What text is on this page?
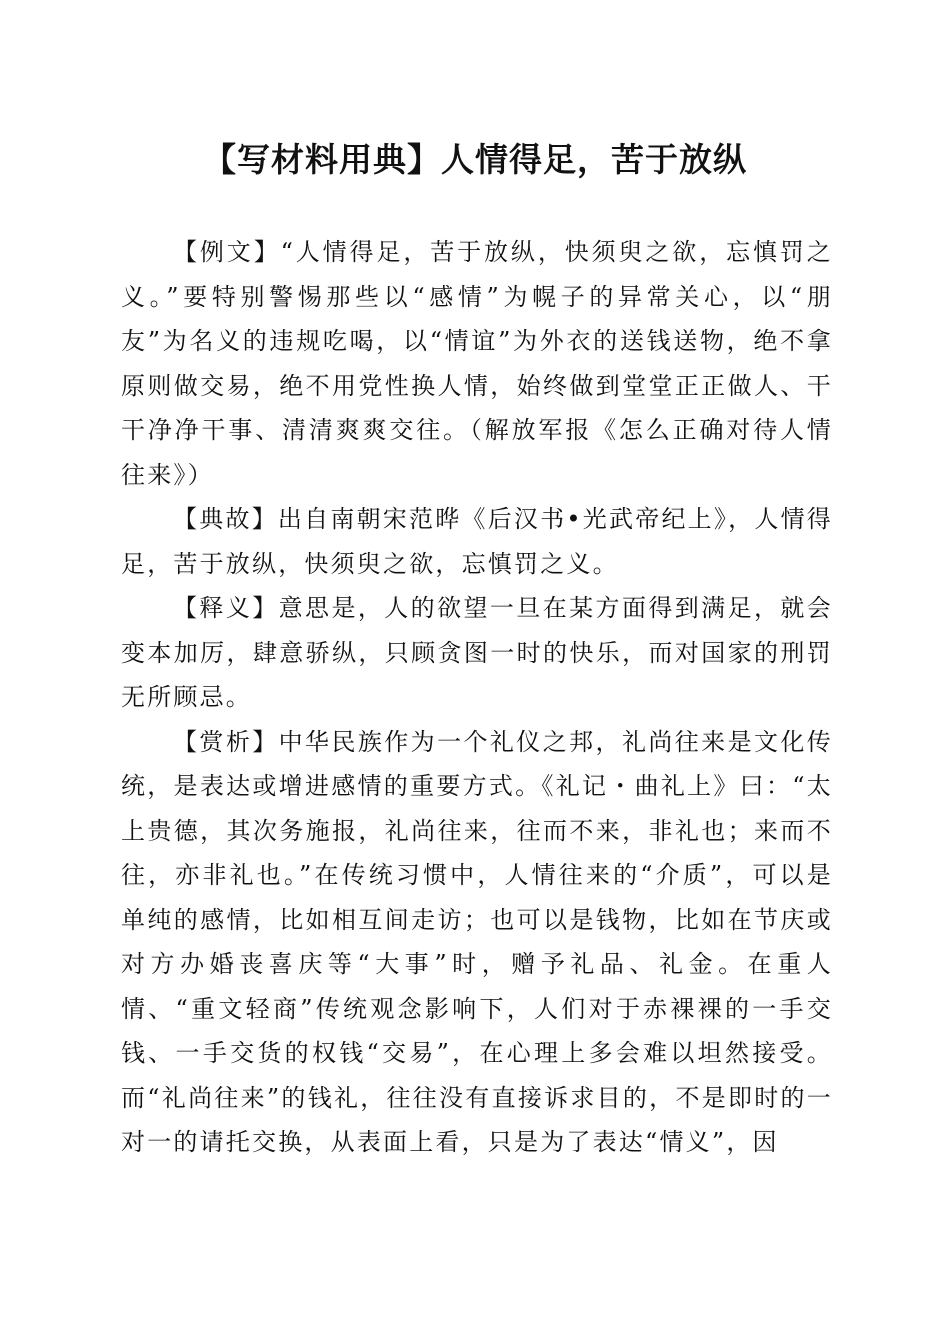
【写材料用典】人情得足，苦于放纵

【例文】“人情得足，苦于放纵，快须臾之欲，忘慎罚之义。”要特别警惕那些以“感情”为幌子的异常关心，以“朋友”为名义的违规吃喝，以“情谊”为外衣的送钱送物，绝不拿原则做交易，绝不用党性换人情，始终做到堂堂正正做人、干干净净干事、清清爽爽交往。（解放军报《怎么正确对待人情往来》）

【典故】出自南朝宋范晔《后汉书•光武帝纪上》，人情得足，苦于放纵，快须臾之欲，忘慎罚之义。

【释义】意思是，人的欲望一旦在某方面得到满足，就会变本加厉，肆意骄纵，只顾贪图一时的快乐，而对国家的刑罚无所顾忌。

【赏析】中华民族作为一个礼仪之邦，礼尚往来是文化传统，是表达或增进感情的重要方式。《礼记・曲礼上》曰：“太上贵德，其次务施报，礼尚往来，往而不来，非礼也；来而不往，亦非礼也。”在传统习惯中，人情往来的“介质”，可以是单纯的感情，比如相互间走访；也可以是钱物，比如在节庆或对方办婚丧喜庆等“大事”时，赠予礼品、礼金。在重人情、“重文轻商”传统观念影响下，人们对于赤裸裸的一手交钱、一手交货的权钱“交易”，在心理上多会难以坦然接受。而“礼尚往来”的钱礼，往往没有直接诉求目的，不是即时的一对一的请托交换，从表面上看，只是为了表达“情义”，因
